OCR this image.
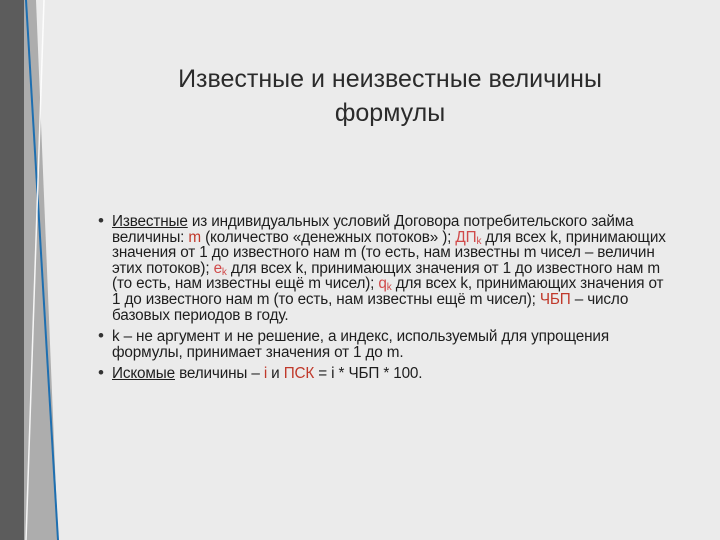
Известные и неизвестные величины
формулы
• Известные из индивидуальных условий Договора потребительского займа величины: m (количество «денежных потоков» ); $ДП_k$ для всех k, принимающих значения от 1 до известного нам m (то есть, нам известны m чисел – величин этих потоков); $e_k$ для всех k, принимающих значения от 1 до известного нам m (то есть, нам известны ещё m чисел); $q_k$ для всех k, принимающих значения от 1 до известного нам m (то есть, нам известны ещё m чисел); ЧБП – число базовых периодов в году.
• k – не аргумент и не решение, а индекс, используемый для упрощения формулы, принимает значения от 1 до m.
• Искомые величины – i и ПСК = i * ЧБП * 100.
